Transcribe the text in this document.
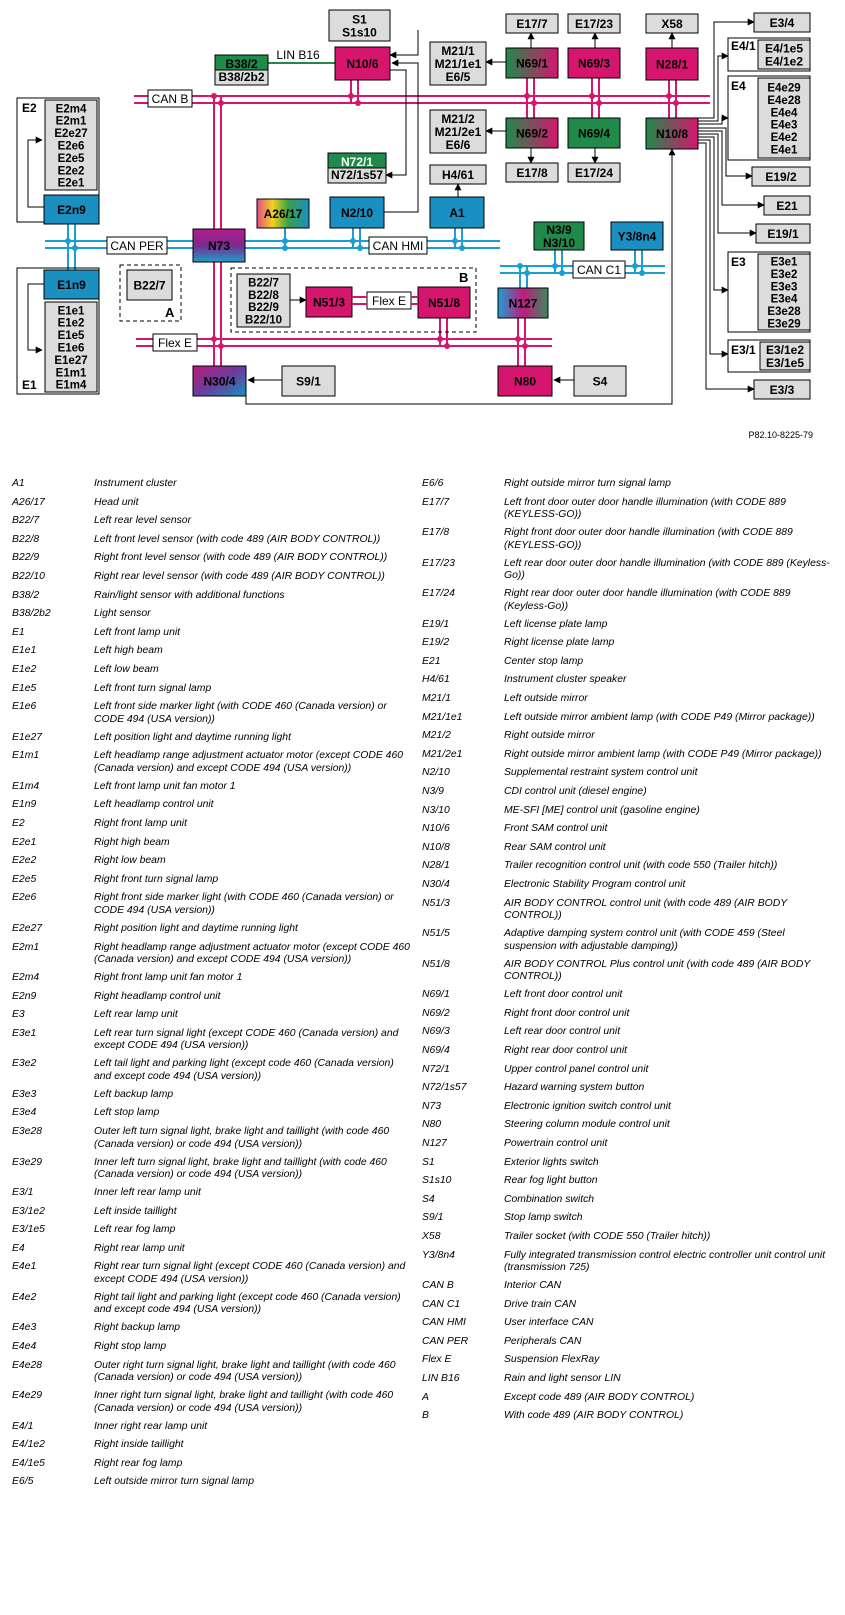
A
B
CAN B
CAN PER	CAN HMI
CAN C1
Flex E
Flex E
LIN B16
S1
S1s10
B38/2
B38/2b2
N10/6
M21/1
M21/1e1
E6/5
E17/7 E17/23	X58
N69/1 N69/3	N28/1
M21/2
M21/2e1
E6/6
N69/2 N69/4	N10/8
E17/8 E17/24
E3/4
E4/1 E4/1e5
E4/1e2
E4 E4e29
E4e28
E4e4
E4e3
E4e2
E4e1
E19/2
E21
E19/1
E3 E3e1
E3e2
E3e3
E3e4
E3e28
E3e29
E3/1 E3/1e2
E3/1e5
E3/3
E2 E2m4
E2m1
E2e27
E2e6
E2e5
E2e2
E2e1
E2n9
N72/1
N72/1s57	H4/61
A26/17	N2/10	A1
N73
N3/9
N3/10	Y3/8n4
E1n9	B22/7	B22/7
B22/8
B22/9
B22/10
N51/3	N51/8	N127
E1
E1e1
E1e2
E1e5
E1e6
E1e27
E1m1
E1m4	N30/4	S9/1	N80	S4
P82.10-8225-79
A1	Instrument cluster
A26/17	Head unit
B22/7	Left rear level sensor
B22/8	Left front level sensor (with code 489 (AIR BODY CONTROL))
B22/9	Right front level sensor (with code 489 (AIR BODY CONTROL))
B22/10	Right rear level sensor (with code 489 (AIR BODY CONTROL))
B38/2	Rain/light sensor with additional functions
B38/2b2	Light sensor
E1	Left front lamp unit
E1e1	Left high beam
E1e2	Left low beam
E1e5	Left front turn signal lamp
E1e6	Left front side marker light (with CODE 460 (Canada version) or CODE 494 (USA version))
E1e27	Left position light and daytime running light
E1m1	Left headlamp range adjustment actuator motor (except CODE 460 (Canada version) and except CODE 494 (USA version))
E1m4	Left front lamp unit fan motor 1
E1n9	Left headlamp control unit
E2	Right front lamp unit
E2e1	Right high beam
E2e2	Right low beam
E2e5	Right front turn signal lamp
E2e6	Right front side marker light (with CODE 460 (Canada version) or CODE 494 (USA version))
E2e27	Right position light and daytime running light
E2m1	Right headlamp range adjustment actuator motor (except CODE 460 (Canada version) and except CODE 494 (USA version))
E2m4	Right front lamp unit fan motor 1
E2n9	Right headlamp control unit
E3	Left rear lamp unit
E3e1	Left rear turn signal light (except CODE 460 (Canada version) and except CODE 494 (USA version))
E3e2	Left tail light and parking light (except code 460 (Canada version) and except code 494 (USA version))
E3e3	Left backup lamp
E3e4	Left stop lamp
E3e28	Outer left turn signal light, brake light and taillight (with code 460 (Canada version) or code 494 (USA version))
E3e29	Inner left turn signal light, brake light and taillight (with code 460 (Canada version) or code 494 (USA version))
E3/1	Inner left rear lamp unit
E3/1e2	Left inside taillight
E3/1e5	Left rear fog lamp
E4	Right rear lamp unit
E4e1	Right rear turn signal light (except CODE 460 (Canada version) and except CODE 494 (USA version))
E4e2	Right tail light and parking light (except code 460 (Canada version) and except code 494 (USA version))
E4e3	Right backup lamp
E4e4	Right stop lamp
E4e28	Outer right turn signal light, brake light and taillight (with code 460 (Canada version) or code 494 (USA version))
E4e29	Inner right turn signal light, brake light and taillight (with code 460 (Canada version) or code 494 (USA version))
E4/1	Inner right rear lamp unit
E4/1e2	Right inside taillight
E4/1e5	Right rear fog lamp
E6/5	Left outside mirror turn signal lamp
E6/6	Right outside mirror turn signal lamp
E17/7	Left front door outer door handle illumination (with CODE 889 (KEYLESS-GO))
E17/8	Right front door outer door handle illumination (with CODE 889 (KEYLESS-GO))
E17/23	Left rear door outer door handle illumination (with CODE 889 (Keyless-Go))
E17/24	Right rear door outer door handle illumination (with CODE 889 (Keyless-Go))
E19/1	Left license plate lamp
E19/2	Right license plate lamp
E21	Center stop lamp
H4/61	Instrument cluster speaker
M21/1	Left outside mirror
M21/1e1	Left outside mirror ambient lamp (with CODE P49 (Mirror package))
M21/2	Right outside mirror
M21/2e1	Right outside mirror ambient lamp (with CODE P49 (Mirror package))
N2/10	Supplemental restraint system control unit
N3/9	CDI control unit (diesel engine)
N3/10	ME-SFI [ME] control unit (gasoline engine)
N10/6	Front SAM control unit
N10/8	Rear SAM control unit
N28/1	Trailer recognition control unit (with code 550 (Trailer hitch))
N30/4	Electronic Stability Program control unit
N51/3	AIR BODY CONTROL control unit (with code 489 (AIR BODY CONTROL))
N51/5	Adaptive damping system control unit (with CODE 459 (Steel suspension with adjustable damping))
N51/8	AIR BODY CONTROL Plus control unit (with code 489 (AIR BODY CONTROL))
N69/1	Left front door control unit
N69/2	Right front door control unit
N69/3	Left rear door control unit
N69/4	Right rear door control unit
N72/1	Upper control panel control unit
N72/1s57	Hazard warning system button
N73	Electronic ignition switch control unit
N80	Steering column module control unit
N127	Powertrain control unit
S1	Exterior lights switch
S1s10	Rear fog light button
S4	Combination switch
S9/1	Stop lamp switch
X58	Trailer socket (with CODE 550 (Trailer hitch))
Y3/8n4	Fully integrated transmission control electric controller unit control unit (transmission 725)
CAN B	Interior CAN
CAN C1	Drive train CAN
CAN HMI	User interface CAN
CAN PER	Peripherals CAN
Flex E	Suspension FlexRay
LIN B16	Rain and light sensor LIN
A	Except code 489 (AIR BODY CONTROL)
B	With code 489 (AIR BODY CONTROL)
